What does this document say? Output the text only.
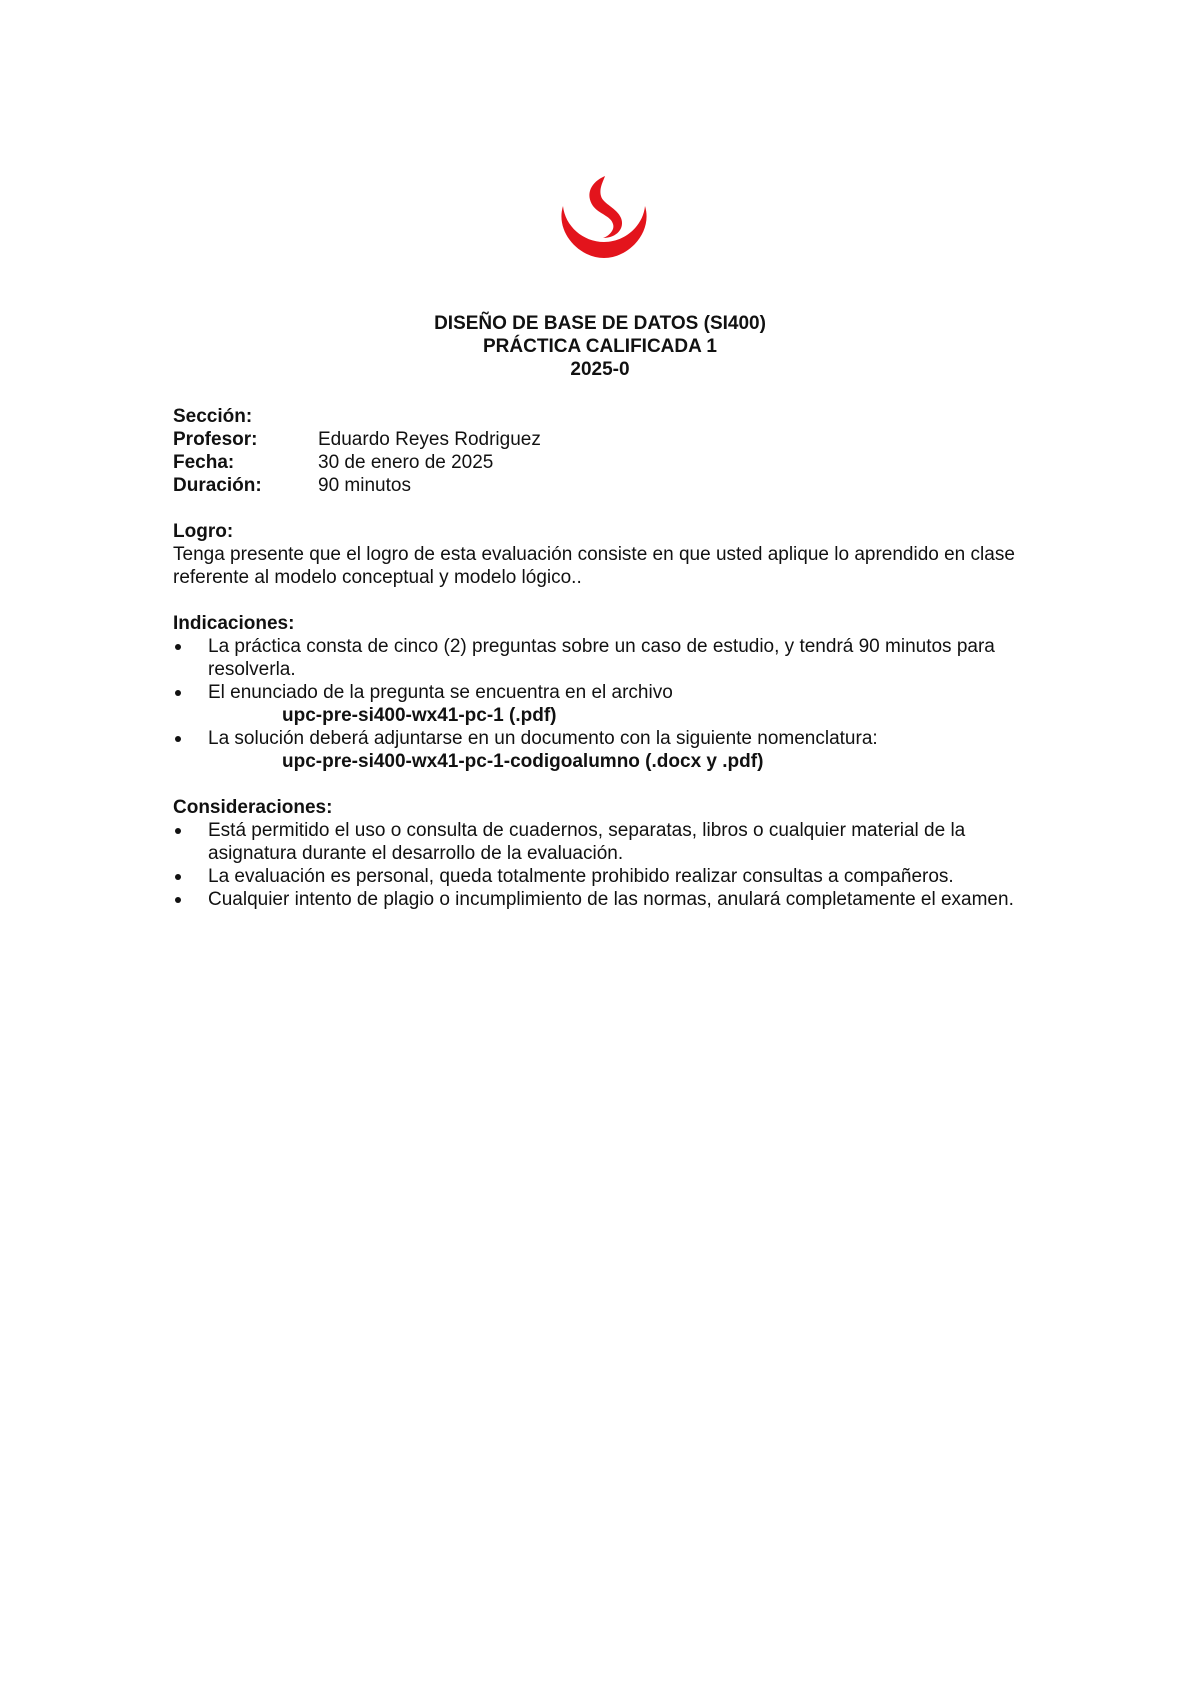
DISEÑO DE BASE DE DATOS (SI400)
PRÁCTICA CALIFICADA 1
2025-0
Sección:
Profesor:	Eduardo Reyes Rodriguez
Fecha:	30 de enero de 2025
Duración:	90 minutos
Logro:
Tenga presente que el logro de esta evaluación consiste en que usted aplique lo aprendido en clase referente al modelo conceptual y modelo lógico..
Indicaciones:
La práctica consta de cinco (2) preguntas sobre un caso de estudio, y tendrá 90 minutos para resolverla.
El enunciado de la pregunta se encuentra en el archivo
upc-pre-si400-wx41-pc-1 (.pdf)
La solución deberá adjuntarse en un documento con la siguiente nomenclatura:
upc-pre-si400-wx41-pc-1-codigoalumno (.docx y .pdf)
Consideraciones:
Está permitido el uso o consulta de cuadernos, separatas, libros o cualquier material de la asignatura durante el desarrollo de la evaluación.
La evaluación es personal, queda totalmente prohibido realizar consultas a compañeros.
Cualquier intento de plagio o incumplimiento de las normas, anulará completamente el examen.
